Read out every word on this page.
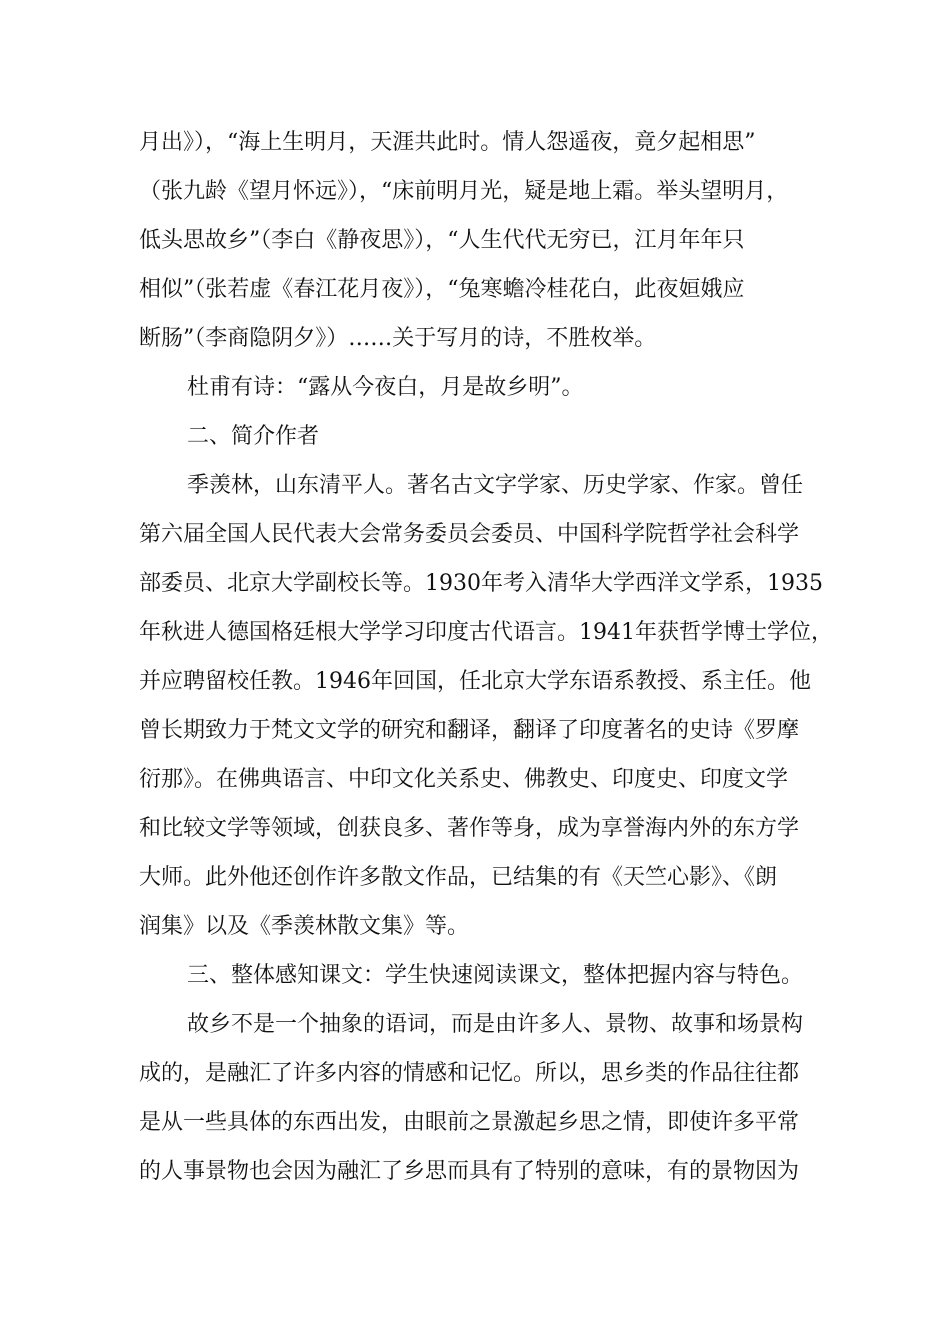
月出》），“海上生明月，天涯共此时。情人怨遥夜，竟夕起相思”
（张九龄《望月怀远》），“床前明月光，疑是地上霜。举头望明月，
低头思故乡”（李白《静夜思》），“人生代代无穷已，江月年年只
相似”（张若虚《春江花月夜》），“兔寒蟾冷桂花白，此夜姮娥应
断肠”（李商隐阴夕》）……关于写月的诗，不胜枚举。
杜甫有诗：“露从今夜白，月是故乡明”。
二、简介作者
季羡林，山东清平人。著名古文字学家、历史学家、作家。曾任
第六届全国人民代表大会常务委员会委员、中国科学院哲学社会科学
部委员、北京大学副校长等。1930年考入清华大学西洋文学系，1935
年秋进人德国格廷根大学学习印度古代语言。1941年获哲学博士学位，
并应聘留校任教。1946年回国，任北京大学东语系教授、系主任。他
曾长期致力于梵文文学的研究和翻译，翻译了印度著名的史诗《罗摩
衍那》。在佛典语言、中印文化关系史、佛教史、印度史、印度文学
和比较文学等领域，创获良多、著作等身，成为享誉海内外的东方学
大师。此外他还创作许多散文作品，已结集的有《天竺心影》、《朗
润集》以及《季羡林散文集》等。
三、整体感知课文：学生快速阅读课文，整体把握内容与特色。
故乡不是一个抽象的语词，而是由许多人、景物、故事和场景构
成的，是融汇了许多内容的情感和记忆。所以，思乡类的作品往往都
是从一些具体的东西出发，由眼前之景激起乡思之情，即使许多平常
的人事景物也会因为融汇了乡思而具有了特别的意味，有的景物因为
